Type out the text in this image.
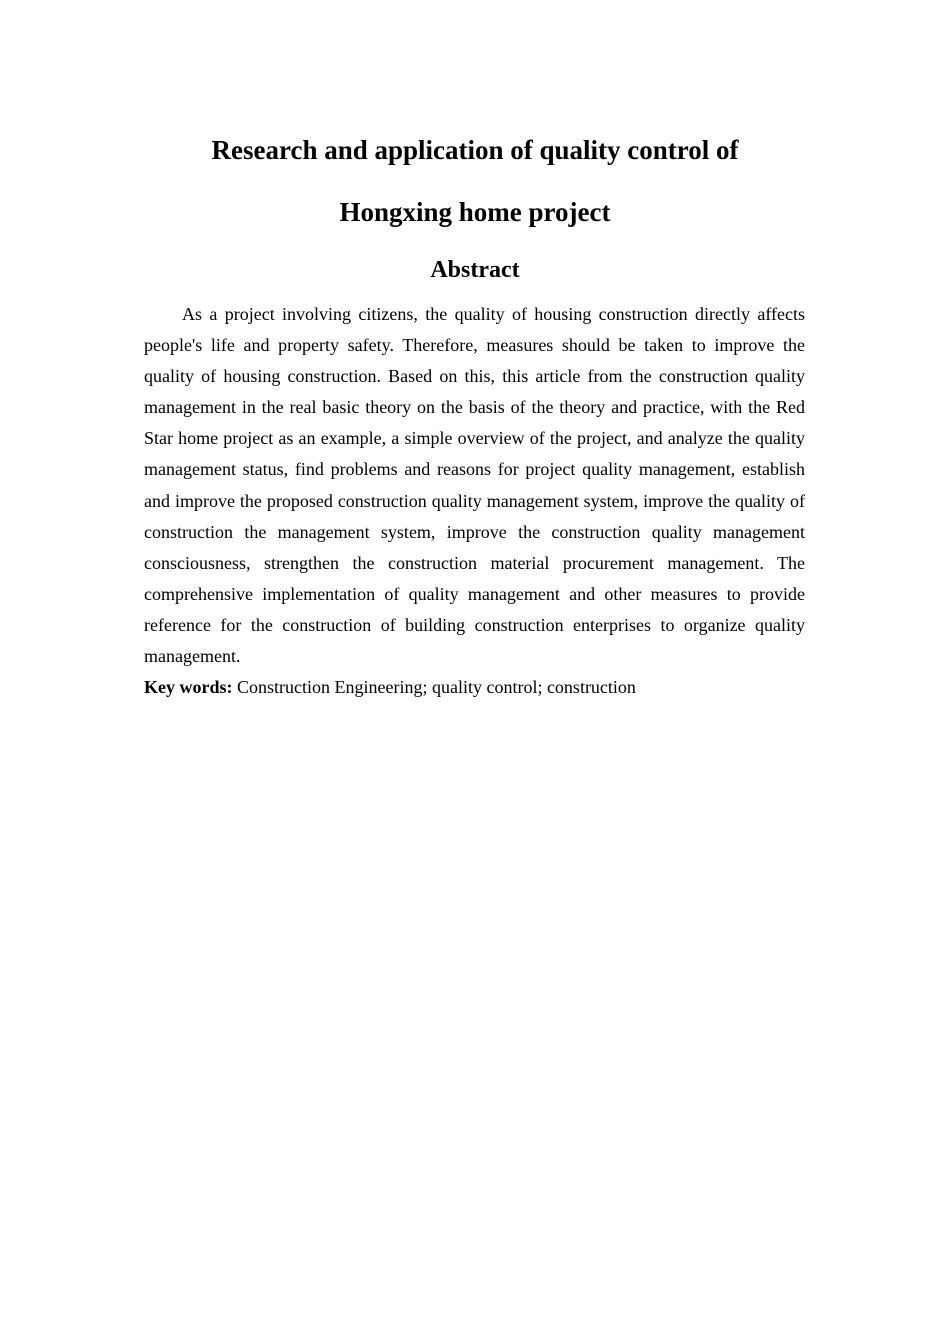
Research and application of quality control of
Hongxing home project
Abstract

As a project involving citizens, the quality of housing construction directly affects people's life and property safety. Therefore, measures should be taken to improve the quality of housing construction. Based on this, this article from the construction quality management in the real basic theory on the basis of the theory and practice, with the Red Star home project as an example, a simple overview of the project, and analyze the quality management status, find problems and reasons for project quality management, establish and improve the proposed construction quality management system, improve the quality of construction the management system, improve the construction quality management consciousness, strengthen the construction material procurement management. The comprehensive implementation of quality management and other measures to provide reference for the construction of building construction enterprises to organize quality management.

Key words: Construction Engineering; quality control; construction
